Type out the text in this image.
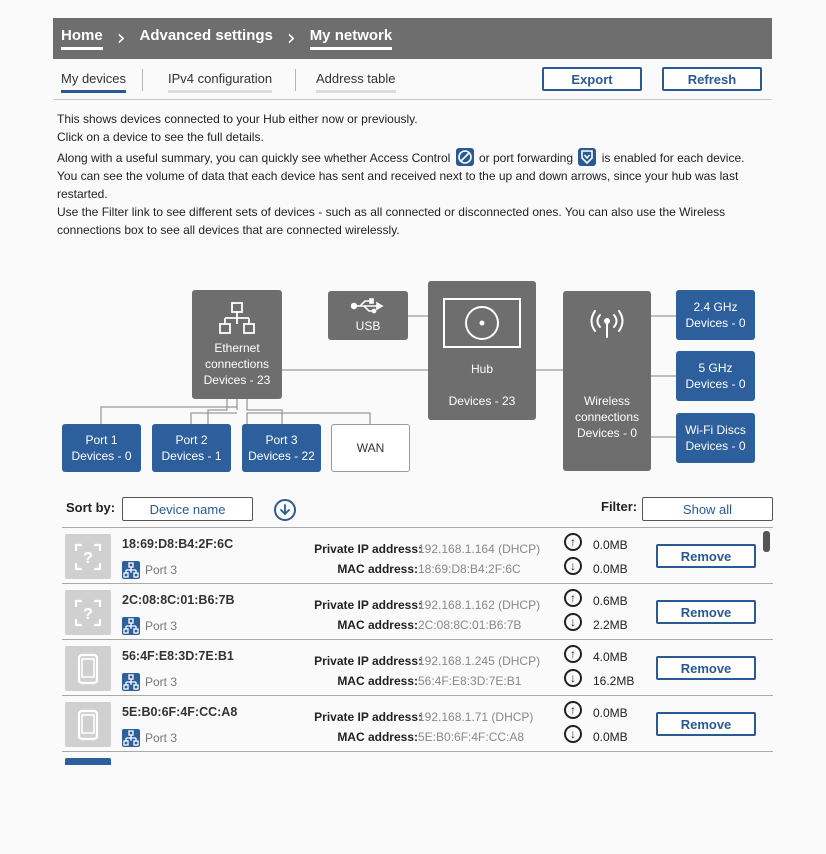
Home › Advanced settings › My network
My devices	IPv4 configuration	Address table	Export	Refresh

This shows devices connected to your Hub either now or previously.

Click on a device to see the full details.

Along with a useful summary, you can quickly see whether Access Control or port forwarding is enabled for each device.

You can see the volume of data that each device has sent and received next to the up and down arrows, since your hub was last restarted.

Use the Filter link to see different sets of devices - such as all connected or disconnected ones. You can also use the Wireless connections box to see all devices that are connected wirelessly.

Ethernet
connections
Devices - 23
USB
Hub
Devices - 23	Wireless
connections
Devices - 0
2.4 GHz
Devices - 0
5 GHz
Devices - 0
Wi-Fi Discs
Devices - 0
Port 1
Devices - 0
Port 2
Devices - 1
Port 3
Devices - 22
WAN
Sort by:	Device name	Filter:	Show all
?
18:69:D8:B4:2F:6C
Port 3
Private IP address:
192.168.1.164 (DHCP)
MAC address: 18:69:D8:B4:2F:6C
↑	0.0MB
↓	0.0MB
Remove
?
2C:08:8C:01:B6:7B
Port 3
Private IP address:
192.168.1.162 (DHCP)
MAC address: 2C:08:8C:01:B6:7B
↑	0.6MB
↓	2.2MB
Remove
56:4F:E8:3D:7E:B1
Port 3
Private IP address:
192.168.1.245 (DHCP)
MAC address: 56:4F:E8:3D:7E:B1
↑	4.0MB
↓	16.2MB
Remove
5E:B0:6F:4F:CC:A8
Port 3
Private IP address:
192.168.1.71 (DHCP)
MAC address: 5E:B0:6F:4F:CC:A8
↑	0.0MB
↓	0.0MB
Remove
